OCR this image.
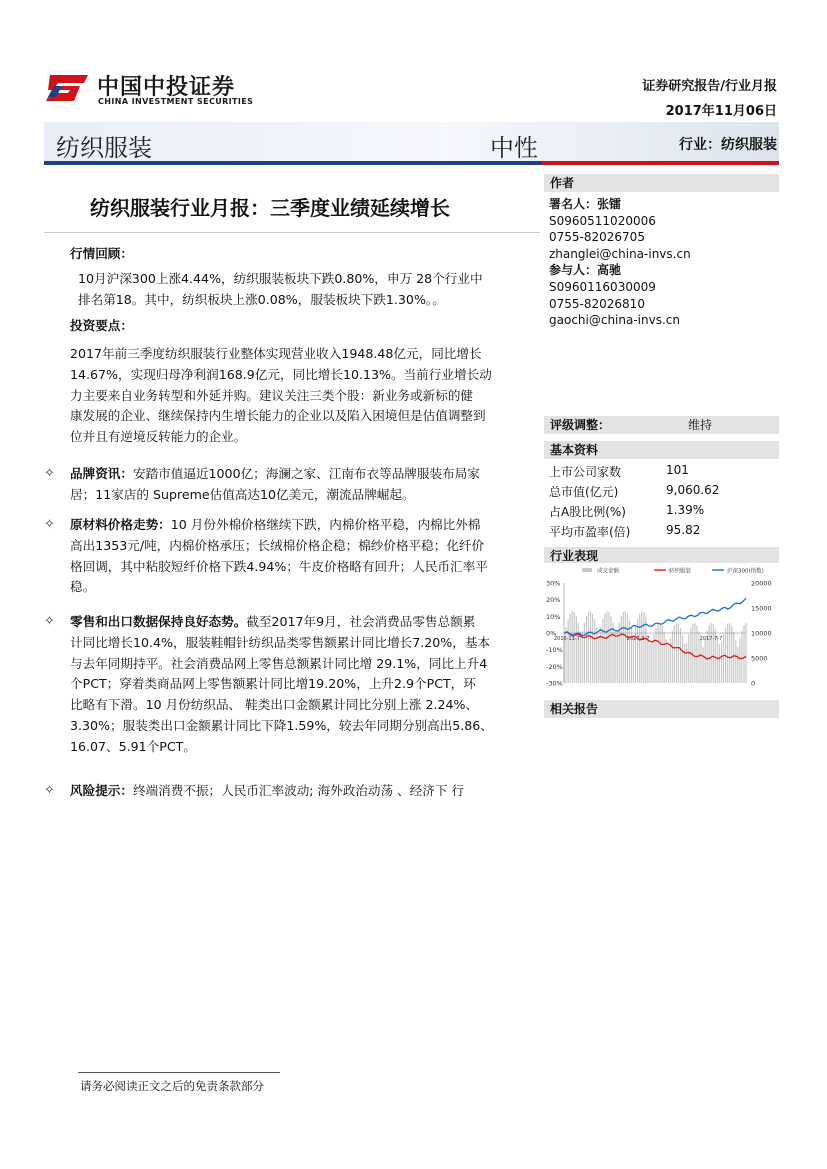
中国中投证券
CHINA INVESTMENT SECURITIES
证券研究报告/行业月报
2017年11月06日
纺织服装	中性	行业：纺织服装
纺织服装行业月报：三季度业绩延续增长
行情回顾：
10月沪深300上涨4.44%，纺织服装板块下跌0.80%，申万 28个行业中
排名第18。其中，纺织板块上涨0.08%，服装板块下跌1.30%。。
投资要点：
2017年前三季度纺织服装行业整体实现营业收入1948.48亿元，同比增长
14.67%，实现归母净利润168.9亿元，同比增长10.13%。当前行业增长动
力主要来自业务转型和外延并购。建议关注三类个股：新业务或新标的健
康发展的企业、继续保持内生增长能力的企业以及陷入困境但是估值调整到
位并且有逆境反转能力的企业。
✧ 品牌资讯：安踏市值逼近1000亿；海澜之家、江南布衣等品牌服装布局家
居；11家店的 Supreme估值高达10亿美元，潮流品牌崛起。
✧ 原材料价格走势：10 月份外棉价格继续下跌，内棉价格平稳，内棉比外棉
高出1353元/吨，内棉价格承压；长绒棉价格企稳；棉纱价格平稳；化纤价
格回调，其中粘胶短纤价格下跌4.94%；牛皮价格略有回升；人民币汇率平
稳。
✧ 零售和出口数据保持良好态势。截至2017年9月，社会消费品零售总额累
计同比增长10.4%，服装鞋帽针纺织品类零售额累计同比增长7.20%，基本
与去年同期持平。社会消费品网上零售总额累计同比增 29.1%，同比上升4
个PCT；穿着类商品网上零售额累计同比增19.20%，上升2.9个PCT，环
比略有下滑。10 月份纺织品、 鞋类出口金额累计同比分别上涨 2.24%、
3.30%；服装类出口金额累计同比下降1.59%，较去年同期分别高出5.86、
16.07、5.91个PCT。
✧ 风险提示：终端消费不振；人民币汇率波动; 海外政治动荡 、经济下 行
作者
署名人：张镭
S0960511020006
0755-82026705
zhanglei@china-invs.cn
参与人：高驰
S0960116030009
0755-82026810
gaochi@china-invs.cn
评级调整：	维持
基本资料
上市公司家数	101
总市值(亿元)	9,060.62
占A股比例(%)	1.39%
平均市盈率(倍)	95.82
行业表现
30%
20%
10%
0%
-10%
-20%
-30%
20000
15000
10000
5000
0
2016-11-7	2017-3-7	2017-7-7
成交金额	纺织服装	沪深300(指数)
相关报告
请务必阅读正文之后的免责条款部分
